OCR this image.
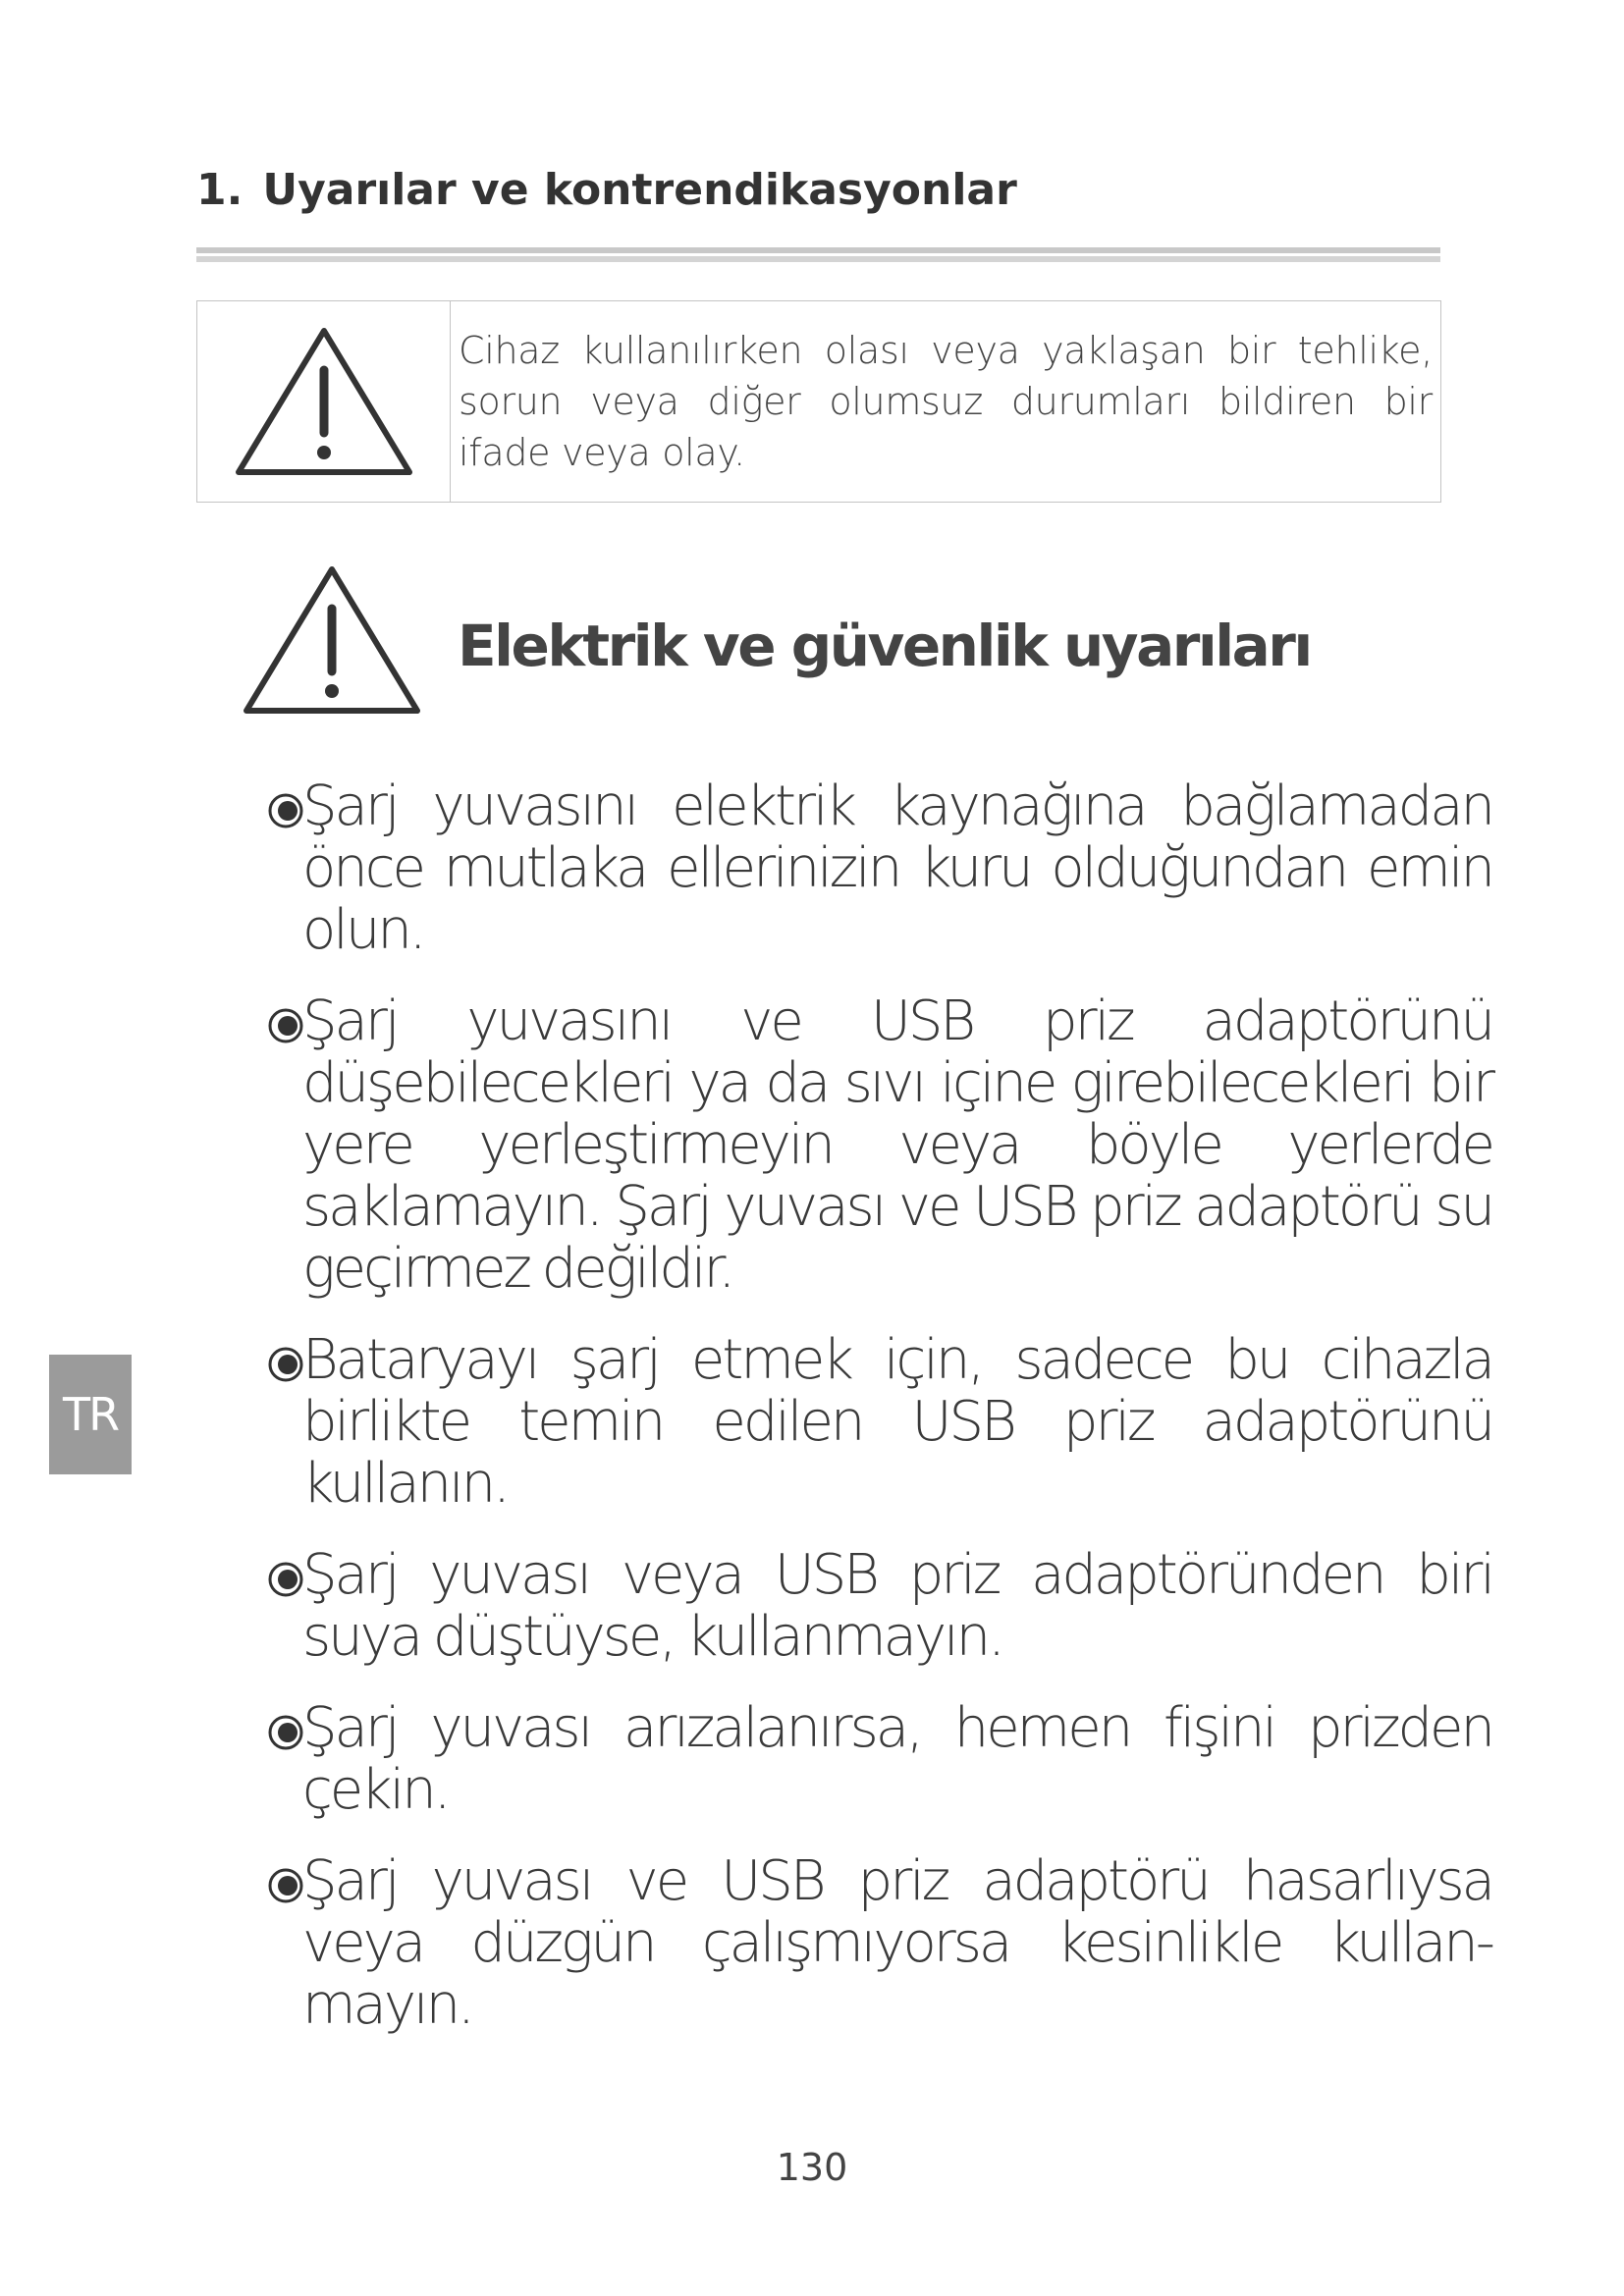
1. Uyarılar ve kontrendikasyonlar
Cihaz kullanılırken olası veya yaklaşan bir tehlike, sorun veya diğer olumsuz durumları bildiren bir ifade veya olay.
Elektrik ve güvenlik uyarıları
Şarj yuvasını elektrik kaynağına bağlamadan önce mutlaka ellerinizin kuru olduğundan emin olun.
Şarj yuvasını ve USB priz adaptörünü düşebilecekleri ya da sıvı içine girebilecekleri bir yere yerleştirmeyin veya böyle yerlerde saklamayın. Şarj yuvası ve USB priz adaptörü su geçirmez değildir.
Bataryayı şarj etmek için, sadece bu cihazla birlikte temin edilen USB priz adaptörünü kullanın.
Şarj yuvası veya USB priz adaptöründen biri suya düştüyse, kullanmayın.
Şarj yuvası arızalanırsa, hemen fişini prizden çekin.
Şarj yuvası ve USB priz adaptörü hasarlıysa veya düzgün çalışmıyorsa kesinlikle kullan-mayın.
TR
130
